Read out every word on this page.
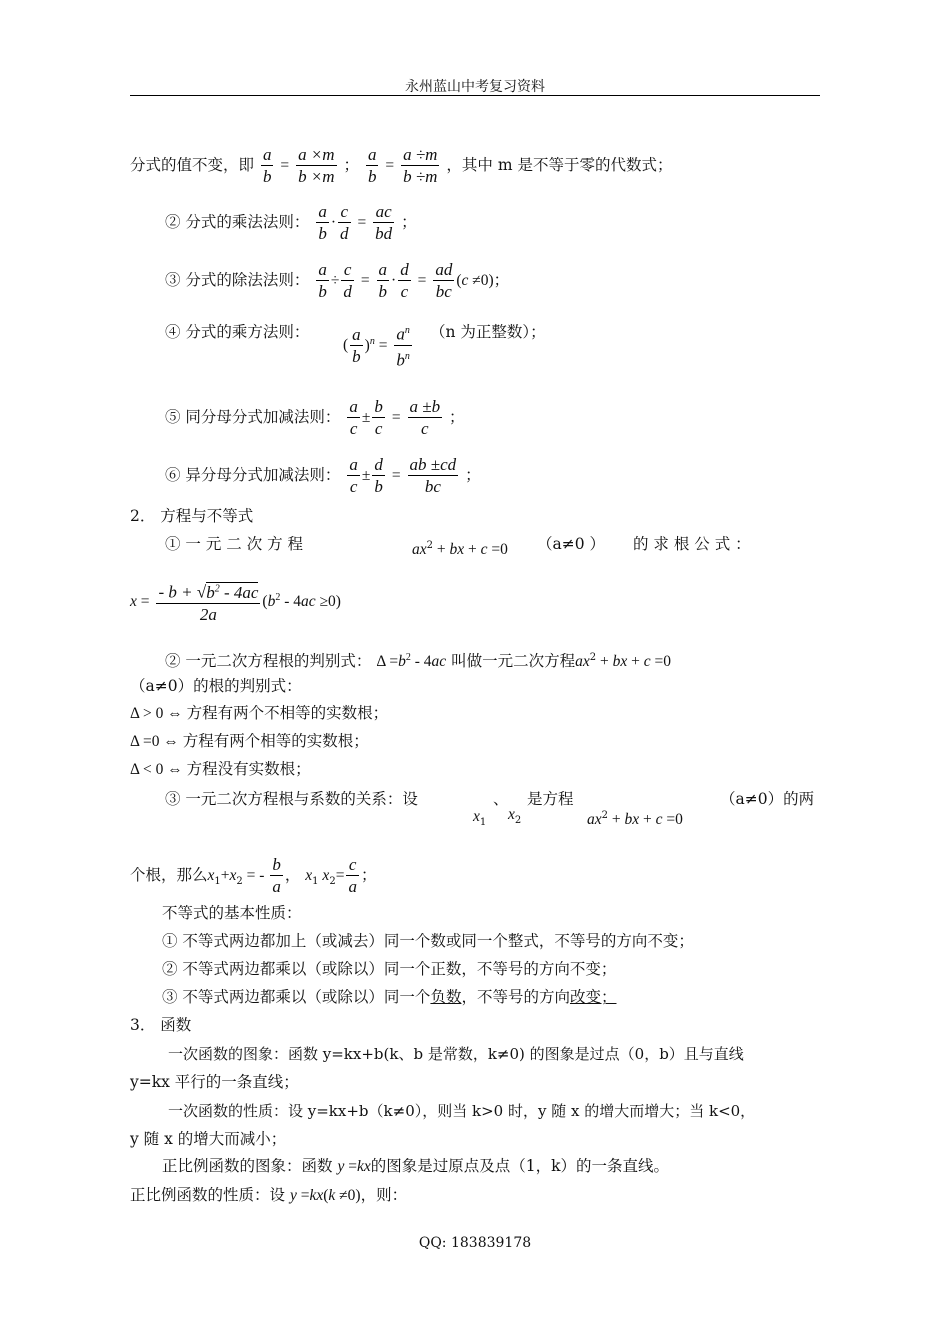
永州蓝山中考复习资料
分式的值不变，即 $\frac{a}{b} = \frac{a \times m}{b \times m}$ ； $\frac{a}{b} = \frac{a \div m}{b \div m}$ ，其中 m 是不等于零的代数式；
② 分式的乘法法则： $\frac{a}{b} \cdot \frac{c}{d} = \frac{ac}{bd}$ ；
③ 分式的除法法则： $\frac{a}{b} \div \frac{c}{d} = \frac{a}{b} \cdot \frac{d}{c} = \frac{ad}{bc} (c \ne 0)$；
④ 分式的乘方法则：
( $\frac{a}{b} )^n = \frac{a^n}{b^n} (n$ 为正整数）；
⑤ 同分母分式加减法则： $\frac{a}{c} \pm \frac{b}{c} = \frac{a \pm b}{c}$ ；
⑥ 异分母分式加减法则： $\frac{a}{c} \pm \frac{d}{b} = \frac{ab \pm cd}{bc}$ ；
2． 方程与不等式
① 一 元 二 次 方 程	$ax^2$ + bx + c =0 （a≠0 ） 的 求 根 公 式 ：
$x = \frac{- b + √b^2 - 4ac}{2a} (b^2 - 4ac \ge 0)$
② 一元二次方程根的判别式： $\Delta =b^2 - 4ac$ 叫做一元二次方程$ax^2$ + bx + c =0
（a≠0）的根的判别式：
Δ > 0 ⇔ 方程有两个不相等的实数根；
Δ =0 ⇔ 方程有两个相等的实数根；
Δ < 0 ⇔ 方程没有实数根；
③ 一元二次方程根与系数的关系：设
$x_1$
、
$x_2$
是方程
$ax^2$ + bx + c =0
（a≠0）的两
个根，那么$x_1+x_2$ = - $\frac{b}{a}$ ， $x_1$ $x_2= \frac{c}{a}$ ；
不等式的基本性质：
① 不等式两边都加上（或减去）同一个数或同一个整式，不等号的方向不变；
② 不等式两边都乘以（或除以）同一个正数，不等号的方向不变；
③ 不等式两边都乘以（或除以）同一个负数，不等号的方向改变；
3． 函数
一次函数的图象：函数 y=kx+b(k、b 是常数，k≠0) 的图象是过点（0，b）且与直线
y=kx 平行的一条直线；
一次函数的性质：设 y=kx+b（k≠0），则当 k>0 时，y 随 x 的增大而增大；当 k<0，
y 随 x 的增大而减小；
正比例函数的图象：函数 y =kx的图象是过原点及点（1，k）的一条直线。
正比例函数的性质：设 y =kx(k ≠0)，则：
QQ: 183839178
